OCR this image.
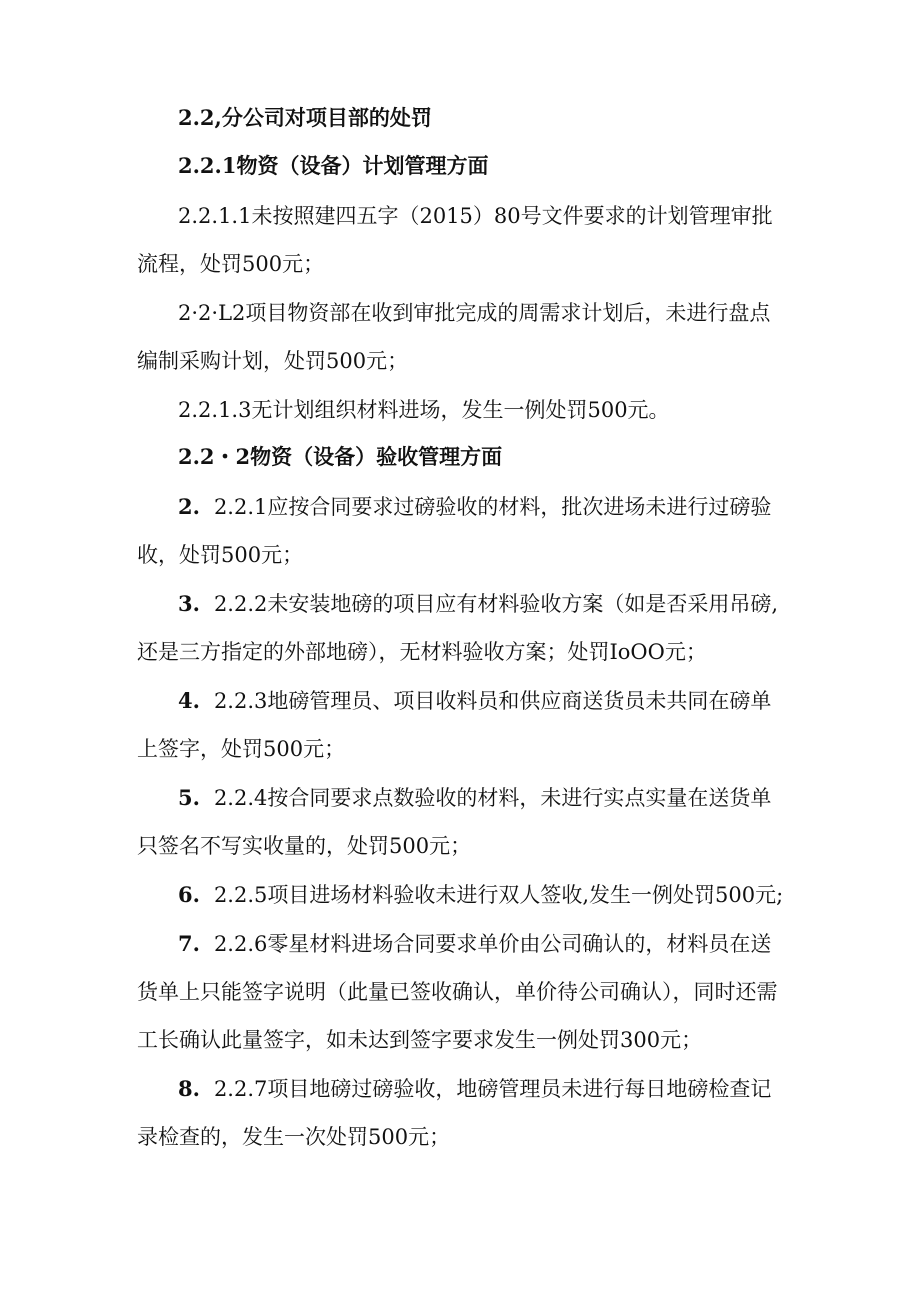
2.2,分公司对项目部的处罚
2.2.1物资（设备）计划管理方面
2.2.1.1未按照建四五字（2015）80号文件要求的计划管理审批流程，处罚500元；
2·2·L2项目物资部在收到审批完成的周需求计划后，未进行盘点编制采购计划，处罚500元；
2.2.1.3无计划组织材料进场，发生一例处罚500元。
2.2・2物资（设备）验收管理方面
2. 2.2.1应按合同要求过磅验收的材料，批次进场未进行过磅验收，处罚500元；
3. 2.2.2未安装地磅的项目应有材料验收方案（如是否采用吊磅,还是三方指定的外部地磅），无材料验收方案；处罚IoOO元；
4. 2.2.3地磅管理员、项目收料员和供应商送货员未共同在磅单上签字，处罚500元；
5. 2.2.4按合同要求点数验收的材料，未进行实点实量在送货单只签名不写实收量的，处罚500元；
6. 2.2.5项目进场材料验收未进行双人签收,发生一例处罚500元;
7. 2.2.6零星材料进场合同要求单价由公司确认的，材料员在送货单上只能签字说明（此量已签收确认，单价待公司确认），同时还需工长确认此量签字，如未达到签字要求发生一例处罚300元；
8. 2.2.7项目地磅过磅验收，地磅管理员未进行每日地磅检查记录检查的，发生一次处罚500元；
